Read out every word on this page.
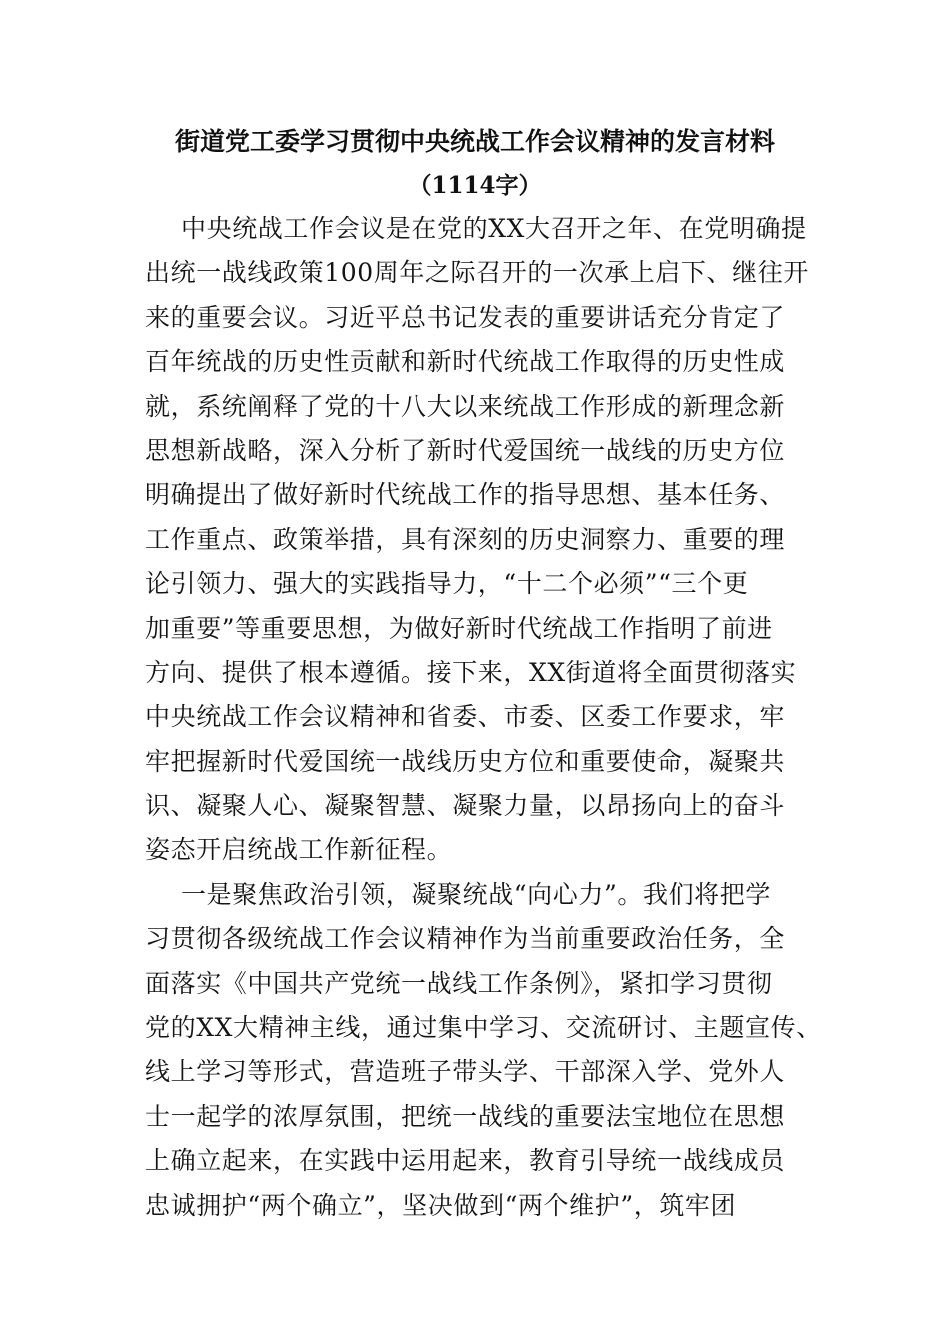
街道党工委学习贯彻中央统战工作会议精神的发言材料
（1114字）
中央统战工作会议是在党的XX大召开之年、在党明确提
出统一战线政策100周年之际召开的一次承上启下、继往开
来的重要会议。习近平总书记发表的重要讲话充分肯定了
百年统战的历史性贡献和新时代统战工作取得的历史性成
就，系统阐释了党的十八大以来统战工作形成的新理念新
思想新战略，深入分析了新时代爱国统一战线的历史方位
明确提出了做好新时代统战工作的指导思想、基本任务、
工作重点、政策举措，具有深刻的历史洞察力、重要的理
论引领力、强大的实践指导力，“十二个必须”“三个更
加重要”等重要思想，为做好新时代统战工作指明了前进
方向、提供了根本遵循。接下来，XX街道将全面贯彻落实
中央统战工作会议精神和省委、市委、区委工作要求，牢
牢把握新时代爱国统一战线历史方位和重要使命，凝聚共
识、凝聚人心、凝聚智慧、凝聚力量，以昂扬向上的奋斗
姿态开启统战工作新征程。
一是聚焦政治引领，凝聚统战“向心力”。我们将把学
习贯彻各级统战工作会议精神作为当前重要政治任务，全
面落实《中国共产党统一战线工作条例》，紧扣学习贯彻
党的XX大精神主线，通过集中学习、交流研讨、主题宣传、
线上学习等形式，营造班子带头学、干部深入学、党外人
士一起学的浓厚氛围，把统一战线的重要法宝地位在思想
上确立起来，在实践中运用起来，教育引导统一战线成员
忠诚拥护“两个确立”，坚决做到“两个维护”，筑牢团
